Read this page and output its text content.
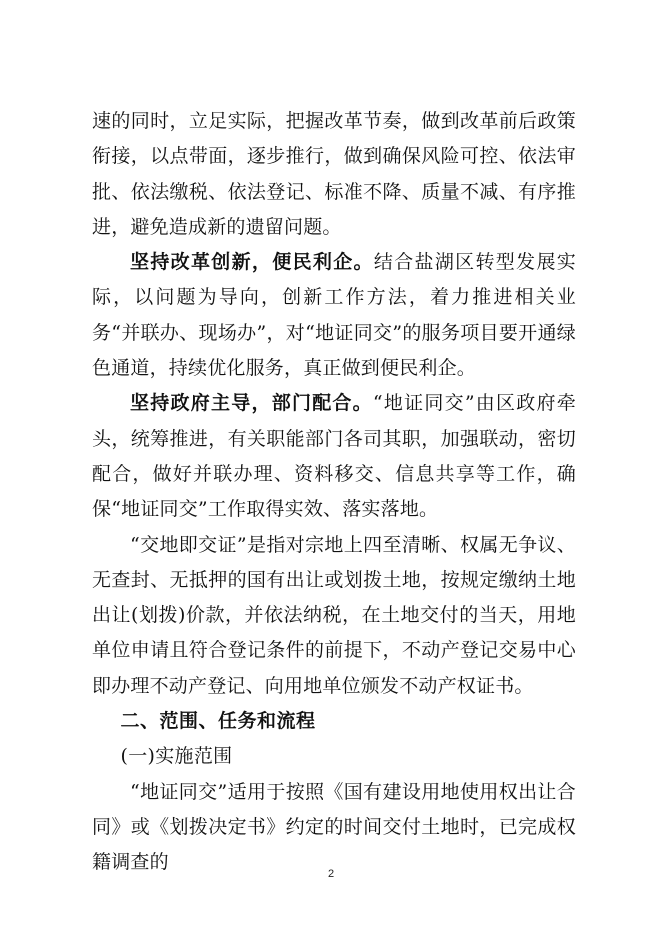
速的同时，立足实际，把握改革节奏，做到改革前后政策衔接，以点带面，逐步推行，做到确保风险可控、依法审批、依法缴税、依法登记、标准不降、质量不减、有序推进，避免造成新的遗留问题。

坚持改革创新，便民利企。结合盐湖区转型发展实际，以问题为导向，创新工作方法，着力推进相关业务“并联办、现场办”，对“地证同交”的服务项目要开通绿色通道，持续优化服务，真正做到便民利企。

坚持政府主导，部门配合。“地证同交”由区政府牵头，统筹推进，有关职能部门各司其职，加强联动，密切配合，做好并联办理、资料移交、信息共享等工作，确保“地证同交”工作取得实效、落实落地。

“交地即交证”是指对宗地上四至清晰、权属无争议、无查封、无抵押的国有出让或划拨土地，按规定缴纳土地出让(划拨)价款，并依法纳税，在土地交付的当天，用地单位申请且符合登记条件的前提下，不动产登记交易中心即办理不动产登记、向用地单位颁发不动产权证书。

二、范围、任务和流程

(一)实施范围

“地证同交”适用于按照《国有建设用地使用权出让合同》或《划拨决定书》约定的时间交付土地时，已完成权籍调查的

2
